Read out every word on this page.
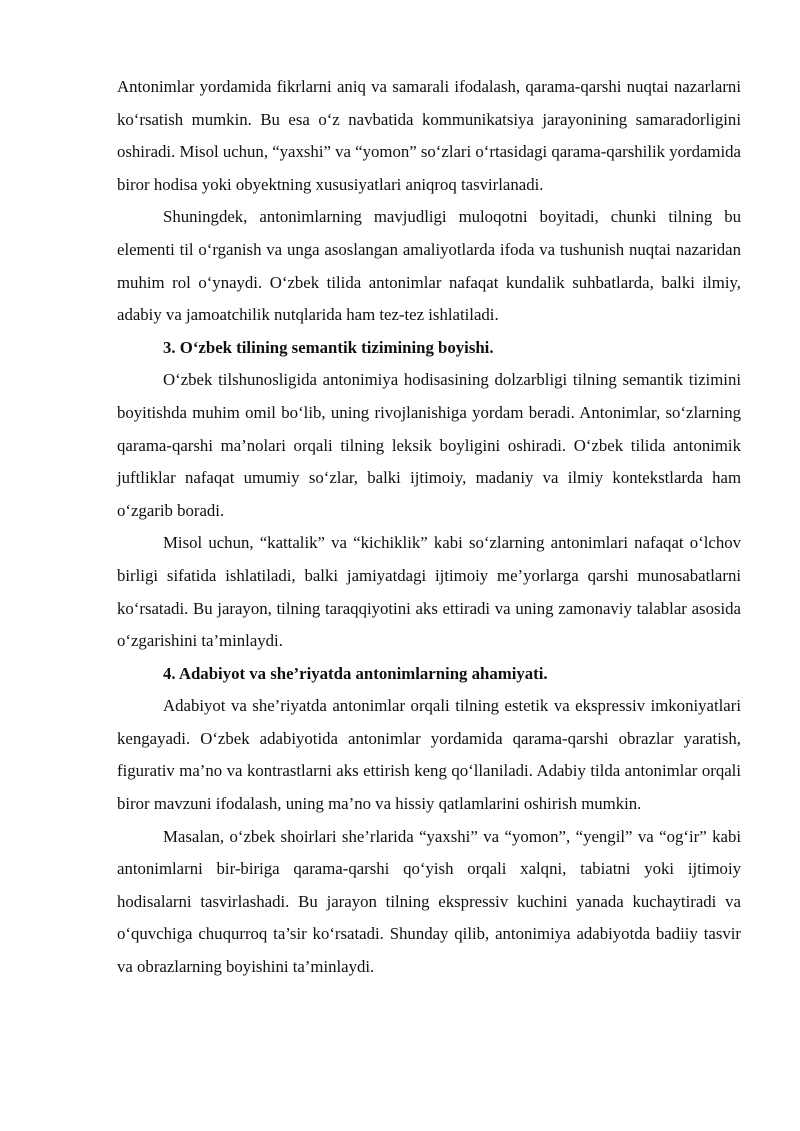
Antonimlar yordamida fikrlarni aniq va samarali ifodalash, qarama-qarshi nuqtai nazarlarni ko‘rsatish mumkin. Bu esa o‘z navbatida kommunikatsiya jarayonining samaradorligini oshiradi. Misol uchun, “yaxshi” va “yomon” so‘zlari o‘rtasidagi qarama-qarshilik yordamida biror hodisa yoki obyektning xususiyatlari aniqroq tasvirlanadi.

Shuningdek, antonimlarning mavjudligi muloqotni boyitadi, chunki tilning bu elementi til o‘rganish va unga asoslangan amaliyotlarda ifoda va tushunish nuqtai nazaridan muhim rol o‘ynaydi. O‘zbek tilida antonimlar nafaqat kundalik suhbatlarda, balki ilmiy, adabiy va jamoatchilik nutqlarida ham tez-tez ishlatiladi.

3. O‘zbek tilining semantik tizimining boyishi.

O‘zbek tilshunosligida antonimiya hodisasining dolzarbligi tilning semantik tizimini boyitishda muhim omil bo‘lib, uning rivojlanishiga yordam beradi. Antonimlar, so‘zlarning qarama-qarshi ma’nolari orqali tilning leksik boyligini oshiradi. O‘zbek tilida antonimik juftliklar nafaqat umumiy so‘zlar, balki ijtimoiy, madaniy va ilmiy kontekstlarda ham o‘zgarib boradi.

Misol uchun, “kattalik” va “kichiklik” kabi so‘zlarning antonimlari nafaqat o‘lchov birligi sifatida ishlatiladi, balki jamiyatdagi ijtimoiy me’yorlarga qarshi munosabatlarni ko‘rsatadi. Bu jarayon, tilning taraqqiyotini aks ettiradi va uning zamonaviy talablar asosida o‘zgarishini ta’minlaydi.

4. Adabiyot va she’riyatda antonimlarning ahamiyati.

Adabiyot va she’riyatda antonimlar orqali tilning estetik va ekspressiv imkoniyatlari kengayadi. O‘zbek adabiyotida antonimlar yordamida qarama-qarshi obrazlar yaratish, figurativ ma’no va kontrastlarni aks ettirish keng qo‘llaniladi. Adabiy tilda antonimlar orqali biror mavzuni ifodalash, uning ma’no va hissiy qatlamlarini oshirish mumkin.

Masalan, o‘zbek shoirlari she’rlarida “yaxshi” va “yomon”, “yengil” va “og‘ir” kabi antonimlarni bir-biriga qarama-qarshi qo‘yish orqali xalqni, tabiatni yoki ijtimoiy hodisalarni tasvirlashadi. Bu jarayon tilning ekspressiv kuchini yanada kuchaytiradi va o‘quvchiga chuqurroq ta’sir ko‘rsatadi. Shunday qilib, antonimiya adabiyotda badiiy tasvir va obrazlarning boyishini ta’minlaydi.
